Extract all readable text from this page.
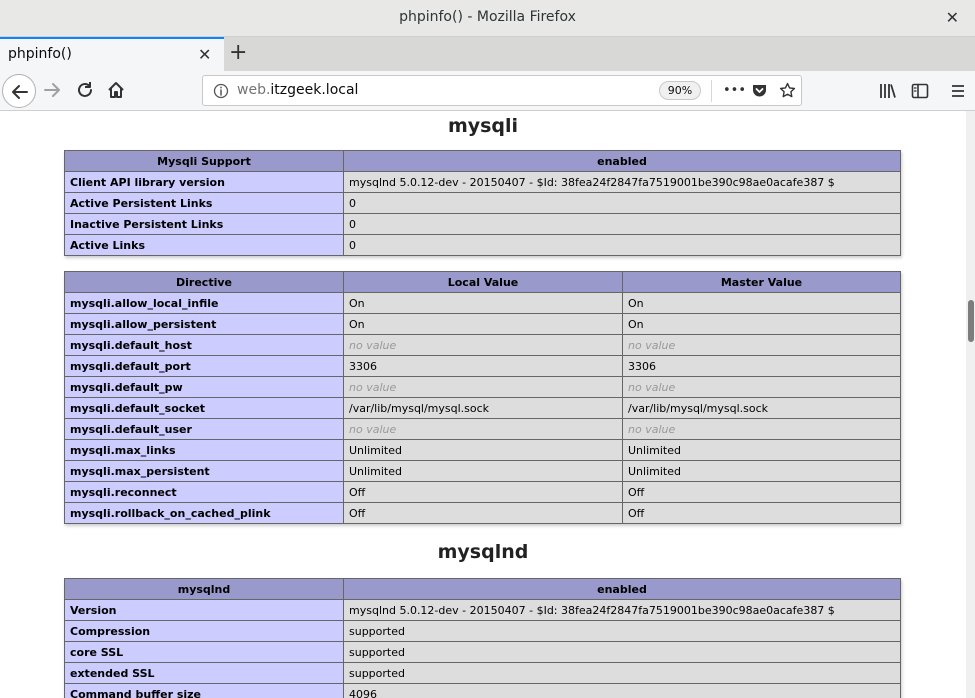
phpinfo() - Mozilla Firefox	✕
phpinfo()	✕ +
web.itzgeek.local	90%	•••
mysqli
Mysqli Support	enabled
Client API library version	mysqlnd 5.0.12-dev - 20150407 - $Id: 38fea24f2847fa7519001be390c98ae0acafe387 $
Active Persistent Links	0
Inactive Persistent Links	0
Active Links	0
Directive	Local Value	Master Value
mysqli.allow_local_infile	On	On
mysqli.allow_persistent	On	On
mysqli.default_host	no value	no value
mysqli.default_port	3306	3306
mysqli.default_pw	no value	no value
mysqli.default_socket	/var/lib/mysql/mysql.sock	/var/lib/mysql/mysql.sock
mysqli.default_user	no value	no value
mysqli.max_links	Unlimited	Unlimited
mysqli.max_persistent	Unlimited	Unlimited
mysqli.reconnect	Off	Off
mysqli.rollback_on_cached_plink	Off	Off
mysqlnd
mysqlnd	enabled
Version	mysqlnd 5.0.12-dev - 20150407 - $Id: 38fea24f2847fa7519001be390c98ae0acafe387 $
Compression	supported
core SSL	supported
extended SSL	supported
Command buffer size	4096
